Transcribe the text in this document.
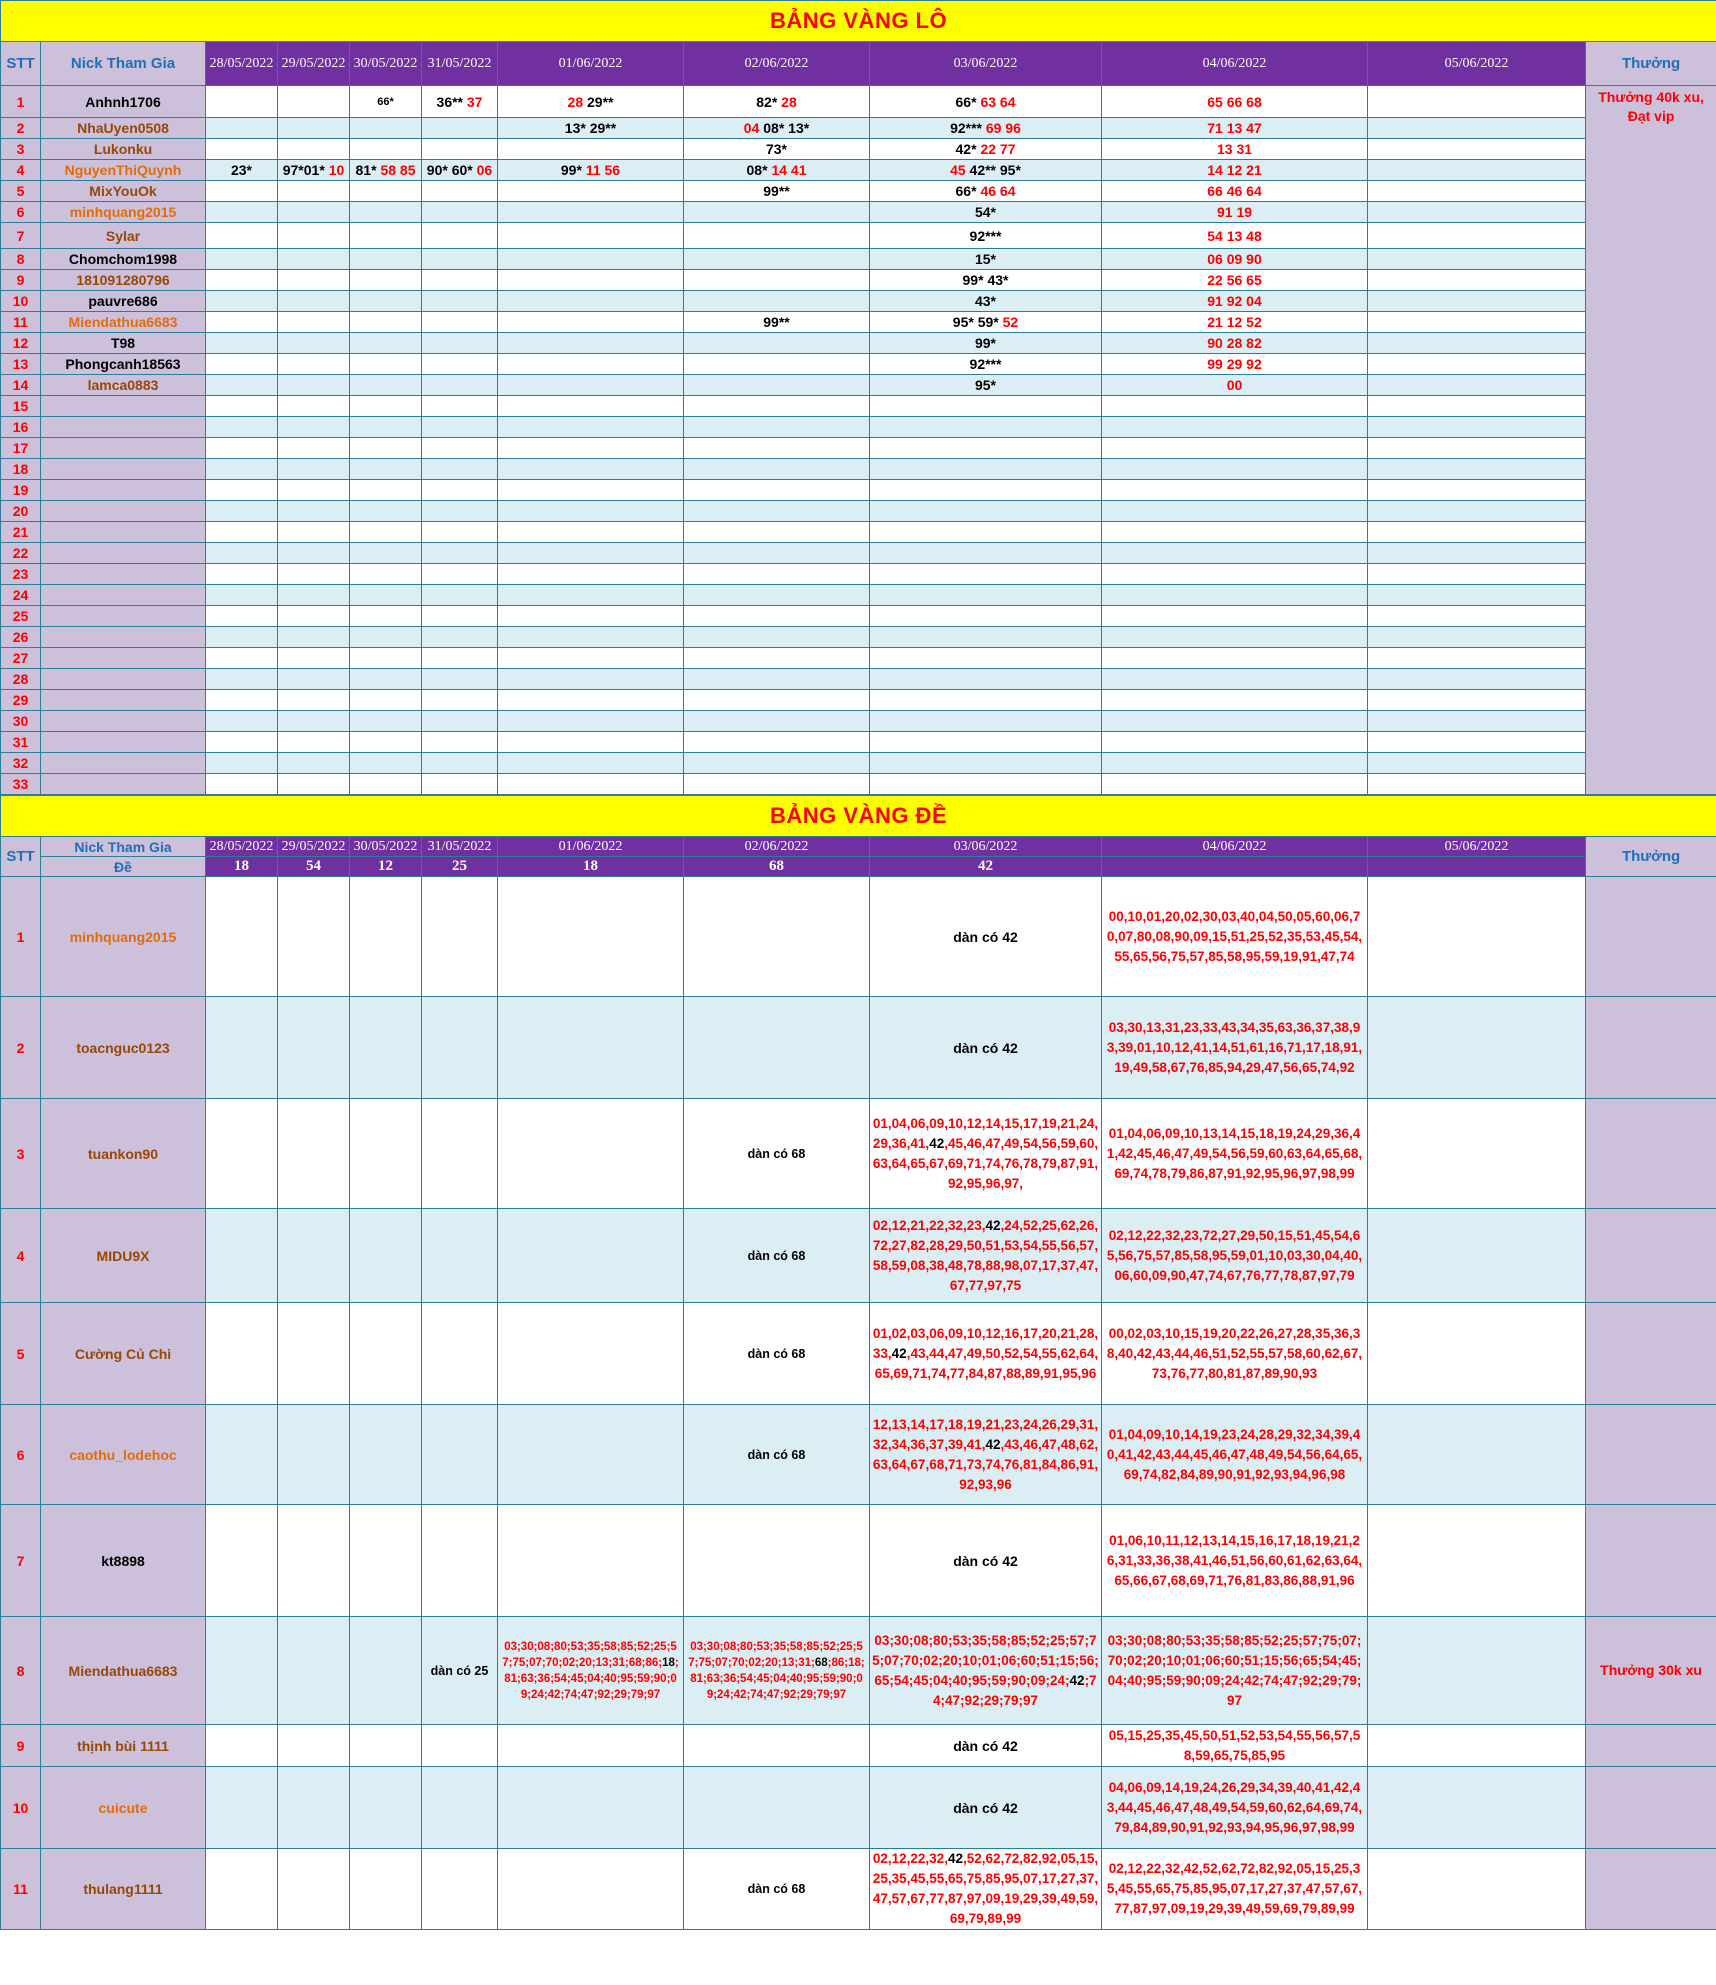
BẢNG VÀNG LÔ											
STT	Nick Tham Gia	28/05/2022	29/05/2022	30/05/2022	31/05/2022	01/06/2022	02/06/2022	03/06/2022	04/06/2022	05/06/2022	Thưởng
1	Anhnh1706			66*	36** 37	28 29**	82* 28	66* 63 64	65 66 68		Thưởng 40k xu, Đạt vip
2	NhaUyen0508					13* 29**	04 08* 13*	92*** 69 96	71 13 47		
3	Lukonku						73*	42* 22 77	13 31		
4	NguyenThiQuynh	23*	97*01* 10	81* 58 85	90* 60* 06	99* 11 56	08* 14 41	45 42** 95*	14 12 21		
5	MixYouOk						99**	66* 46 64	66 46 64		
6	minhquang2015							54*	91 19		
7	Sylar							92***	54 13 48		
8	Chomchom1998							15*	06 09 90		
9	181091280796							99* 43*	22 56 65		
10	pauvre686							43*	91 92 04		
11	Miendathua6683						99**	95* 59* 52	21 12 52		
12	T98							99*	90 28 82		
13	Phongcanh18563							92***	99 29 92		
14	lamca0883							95*	00		
15											
16											
17											
18											
19											
20											
21											
22											
23											
24											
25											
26											
27											
28											
29											
30											
31											
32											
33											
BẢNG VÀNG ĐỀ											
STT	Nick Tham Gia	28/05/2022	29/05/2022	30/05/2022	31/05/2022	01/06/2022	02/06/2022	03/06/2022	04/06/2022	05/06/2022	Thưởng
	Đề	18	54	12	25	18	68	42			
1	minhquang2015							dàn có 42	00,10,01,20,02,30,03,40,04,50,05,60,06,70,07,80,08,90,09,15,51,25,52,35,53,45,54,55,65,56,75,57,85,58,95,59,19,91,47,74		
2	toacnguc0123							dàn có 42	03,30,13,31,23,33,43,34,35,63,36,37,38,93,39,01,10,12,41,14,51,61,16,71,17,18,91,19,49,58,67,76,85,94,29,47,56,65,74,92		
3	tuankon90						dàn có 68	01,04,06,09,10,12,14,15,17,19,21,24,29,36,41,42,45,46,47,49,54,56,59,60,63,64,65,67,69,71,74,76,78,79,87,91,92,95,96,97,	01,04,06,09,10,13,14,15,18,19,24,29,36,41,42,45,46,47,49,54,56,59,60,63,64,65,68,69,74,78,79,86,87,91,92,95,96,97,98,99		
4	MIDU9X						dàn có 68	02,12,21,22,32,23,42,24,52,25,62,26,72,27,82,28,29,50,51,53,54,55,56,57,58,59,08,38,48,78,88,98,07,17,37,47,67,77,97,75	02,12,22,32,23,72,27,29,50,15,51,45,54,65,56,75,57,85,58,95,59,01,10,03,30,04,40,06,60,09,90,47,74,67,76,77,78,87,97,79		
5	Cường Củ Chi						dàn có 68	01,02,03,06,09,10,12,16,17,20,21,28,33,42,43,44,47,49,50,52,54,55,62,64,65,69,71,74,77,84,87,88,89,91,95,96	00,02,03,10,15,19,20,22,26,27,28,35,36,38,40,42,43,44,46,51,52,55,57,58,60,62,67,73,76,77,80,81,87,89,90,93		
6	caothu_lodehoc						dàn có 68	12,13,14,17,18,19,21,23,24,26,29,31,32,34,36,37,39,41,42,43,46,47,48,62,63,64,67,68,71,73,74,76,81,84,86,91,92,93,96	01,04,09,10,14,19,23,24,28,29,32,34,39,40,41,42,43,44,45,46,47,48,49,54,56,64,65,69,74,82,84,89,90,91,92,93,94,96,98		
7	kt8898							dàn có 42	01,06,10,11,12,13,14,15,16,17,18,19,21,26,31,33,36,38,41,46,51,56,60,61,62,63,64,65,66,67,68,69,71,76,81,83,86,88,91,96		
8	Miendathua6683				dàn có 25	03;30;08;80;53;35;58;85;52;25;57;75;07;70;02;20;13;31;68;86;18;81;63;36;54;45;04;40;95;59;90;09;24;42;74;47;92;29;79;97	03;30;08;80;53;35;58;85;52;25;57;75;07;70;02;20;13;31;68;86;18;81;63;36;54;45;04;40;95;59;90;09;24;42;74;47;92;29;79;97	03;30;08;80;53;35;58;85;52;25;57;75;07;70;02;20;10;01;06;60;51;15;56;65;54;45;04;40;95;59;90;09;24;42;74;47;92;29;79;97	03;30;08;80;53;35;58;85;52;25;57;75;07;70;02;20;10;01;06;60;51;15;56;65;54;45;04;40;95;59;90;09;24;42;74;47;92;29;79;97		Thưởng 30k xu
9	thịnh bùi 1111							dàn có 42	05,15,25,35,45,50,51,52,53,54,55,56,57,58,59,65,75,85,95		
10	cuicute							dàn có 42	04,06,09,14,19,24,26,29,34,39,40,41,42,43,44,45,46,47,48,49,54,59,60,62,64,69,74,79,84,89,90,91,92,93,94,95,96,97,98,99		
11	thulang1111						dàn có 68	02,12,22,32,42,52,62,72,82,92,05,15,25,35,45,55,65,75,85,95,07,17,27,37,47,57,67,77,87,97,09,19,29,39,49,59,69,79,89,99	02,12,22,32,42,52,62,72,82,92,05,15,25,35,45,55,65,75,85,95,07,17,27,37,47,57,67,77,87,97,09,19,29,39,49,59,69,79,89,99		
